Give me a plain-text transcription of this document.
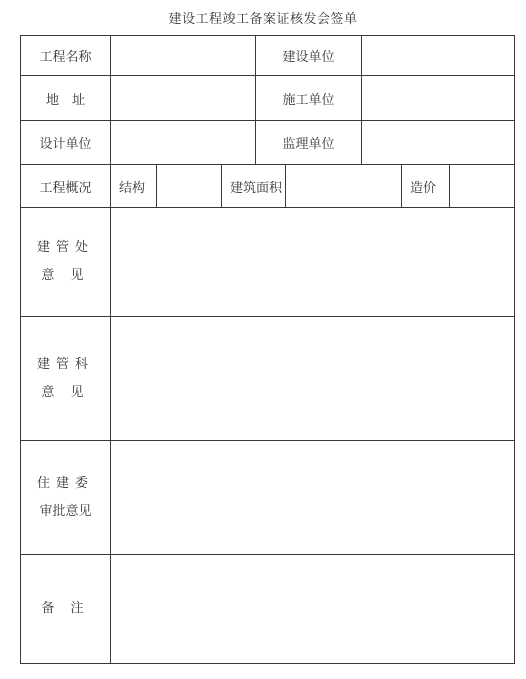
建设工程竣工备案证核发会签单
工程名称				建设单位				
地　址				施工单位				
设计单位				监理单位				
工程概况	结构		建筑面积				造价	

建管处
意 见								

建管科
意 见								

住建委
审批意见								

备 注								
